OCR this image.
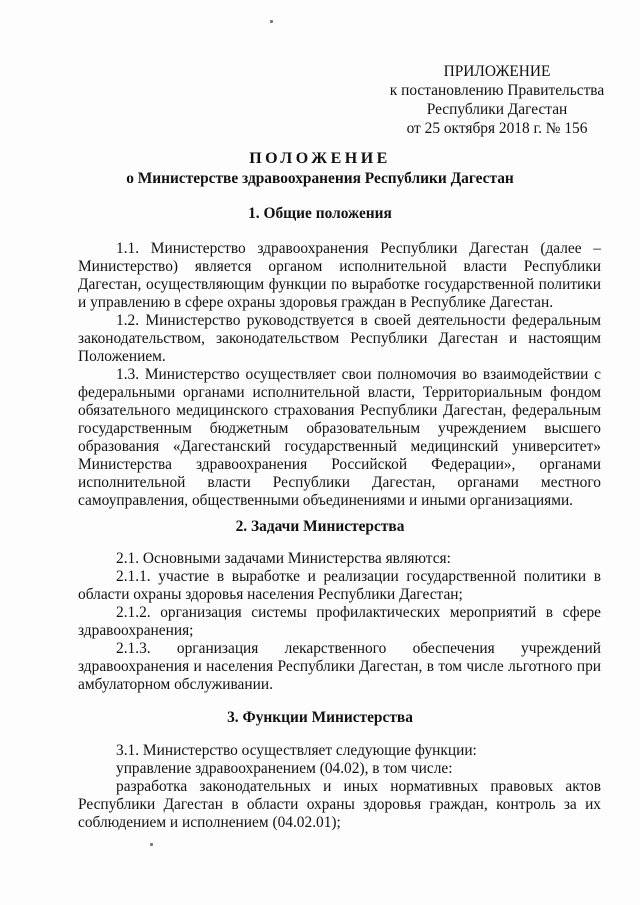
ПРИЛОЖЕНИЕ
к постановлению Правительства
Республики Дагестан
от 25 октября 2018 г. № 156
ПОЛОЖЕНИЕ
о Министерстве здравоохранения Республики Дагестан
1. Общие положения

1.1. Министерство здравоохранения Республики Дагестан (далее – Министерство) является органом исполнительной власти Республики Дагестан, осуществляющим функции по выработке государственной политики и управлению в сфере охраны здоровья граждан в Республике Дагестан.

1.2. Министерство руководствуется в своей деятельности федеральным законодательством, законодательством Республики Дагестан и настоящим Положением.

1.3. Министерство осуществляет свои полномочия во взаимодействии с федеральными органами исполнительной власти, Территориальным фондом обязательного медицинского страхования Республики Дагестан, федеральным государственным бюджетным образовательным учреждением высшего образования «Дагестанский государственный медицинский университет» Министерства здравоохранения Российской Федерации», органами исполнительной власти Республики Дагестан, органами местного самоуправления, общественными объединениями и иными организациями.

2. Задачи Министерства

2.1. Основными задачами Министерства являются:

2.1.1. участие в выработке и реализации государственной политики в области охраны здоровья населения Республики Дагестан;

2.1.2. организация системы профилактических мероприятий в сфере здравоохранения;

2.1.3. организация лекарственного обеспечения учреждений здравоохранения и населения Республики Дагестан, в том числе льготного при амбулаторном обслуживании.

3. Функции Министерства

3.1. Министерство осуществляет следующие функции:

управление здравоохранением (04.02), в том числе:

разработка законодательных и иных нормативных правовых актов Республики Дагестан в области охраны здоровья граждан, контроль за их соблюдением и исполнением (04.02.01);
